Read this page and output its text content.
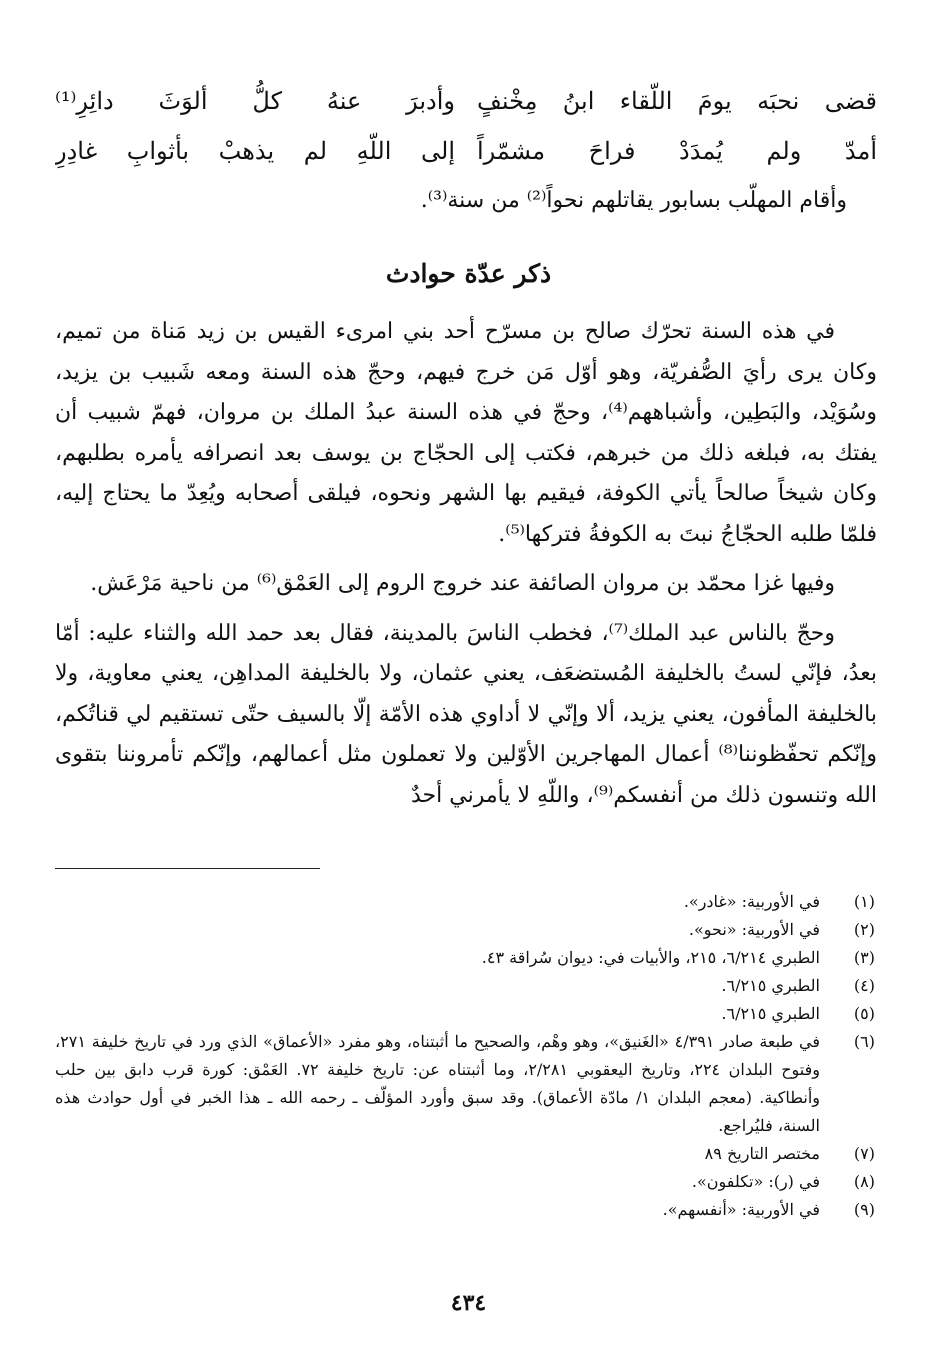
قضى نحبَه يومَ اللّقاء ابنُ مِخْنفٍ
وأدبرَ عنهُ كلُّ ألوَثَ دائِرِ⁽¹⁾
أمدّ ولم يُمدَدْ فراحَ مشمّراً
إلى اللّهِ لم يذهبْ بأثوابِ غادِرِ
وأقام المهلّب بسابور يقاتلهم نحواً⁽²⁾ من سنة⁽³⁾.
ذكر عدّة حوادث

في هذه السنة تحرّك صالح بن مسرّح أحد بني امرىء القيس بن زيد مَناة من تميم، وكان يرى رأيَ الصُّفريّة، وهو أوّل مَن خرج فيهم، وحجّ هذه السنة ومعه شَبيب بن يزيد، وسُوَيْد، والبَطِين، وأشباههم⁽⁴⁾، وحجّ في هذه السنة عبدُ الملك بن مروان، فهمّ شبيب أن يفتك به، فبلغه ذلك من خبرهم، فكتب إلى الحجّاج بن يوسف بعد انصرافه يأمره بطلبهم، وكان شيخاً صالحاً يأتي الكوفة، فيقيم بها الشهر ونحوه، فيلقى أصحابه ويُعِدّ ما يحتاج إليه، فلمّا طلبه الحجّاجُ نبتَ به الكوفةُ فتركها⁽⁵⁾.

وفيها غزا محمّد بن مروان الصائفة عند خروج الروم إلى العَمْق⁽⁶⁾ من ناحية مَرْعَش.

وحجّ بالناس عبد الملك⁽⁷⁾، فخطب الناسَ بالمدينة، فقال بعد حمد الله والثناء عليه: أمّا بعدُ، فإنّي لستُ بالخليفة المُستضعَف، يعني عثمان، ولا بالخليفة المداهِن، يعني معاوية، ولا بالخليفة المأفون، يعني يزيد، ألا وإنّي لا أداوي هذه الأمّة إلّا بالسيف حتّى تستقيم لي قناتُكم، وإنّكم تحفّظوننا⁽⁸⁾ أعمال المهاجرين الأوّلين ولا تعملون مثل أعمالهم، وإنّكم تأمروننا بتقوى الله وتنسون ذلك من أنفسكم⁽⁹⁾، واللّهِ لا يأمرني أحدٌ

(١)
في الأوربية: «غادر».
(٢)
في الأوربية: «نحو».
(٣)
الطبري ٦/٢١٤، ٢١٥، والأبيات في: ديوان سُراقة ٤٣.
(٤)
الطبري ٦/٢١٥.
(٥)
الطبري ٦/٢١٥.
(٦)
في طبعة صادر ٤/٣٩١ «الغَنيق»، وهو وهْم، والصحيح ما أثبتناه، وهو مفرد «الأعماق» الذي ورد في تاريخ خليفة ٢٧١، وفتوح البلدان ٢٢٤، وتاريخ اليعقوبي ٢/٢٨١، وما أثبتناه عن: تاريخ خليفة ٧٢. العَمْق: كورة قرب دابق بين حلب وأنطاكية. (معجم البلدان ١/ مادّة الأعماق). وقد سبق وأورد المؤلّف ـ رحمه الله ـ هذا الخبر في أول حوادث هذه السنة، فليُراجع.
(٧)
مختصر التاريخ ٨٩
(٨)
في (ر): «تكلفون».
(٩)
في الأوربية: «أنفسهم».
٤٣٤
